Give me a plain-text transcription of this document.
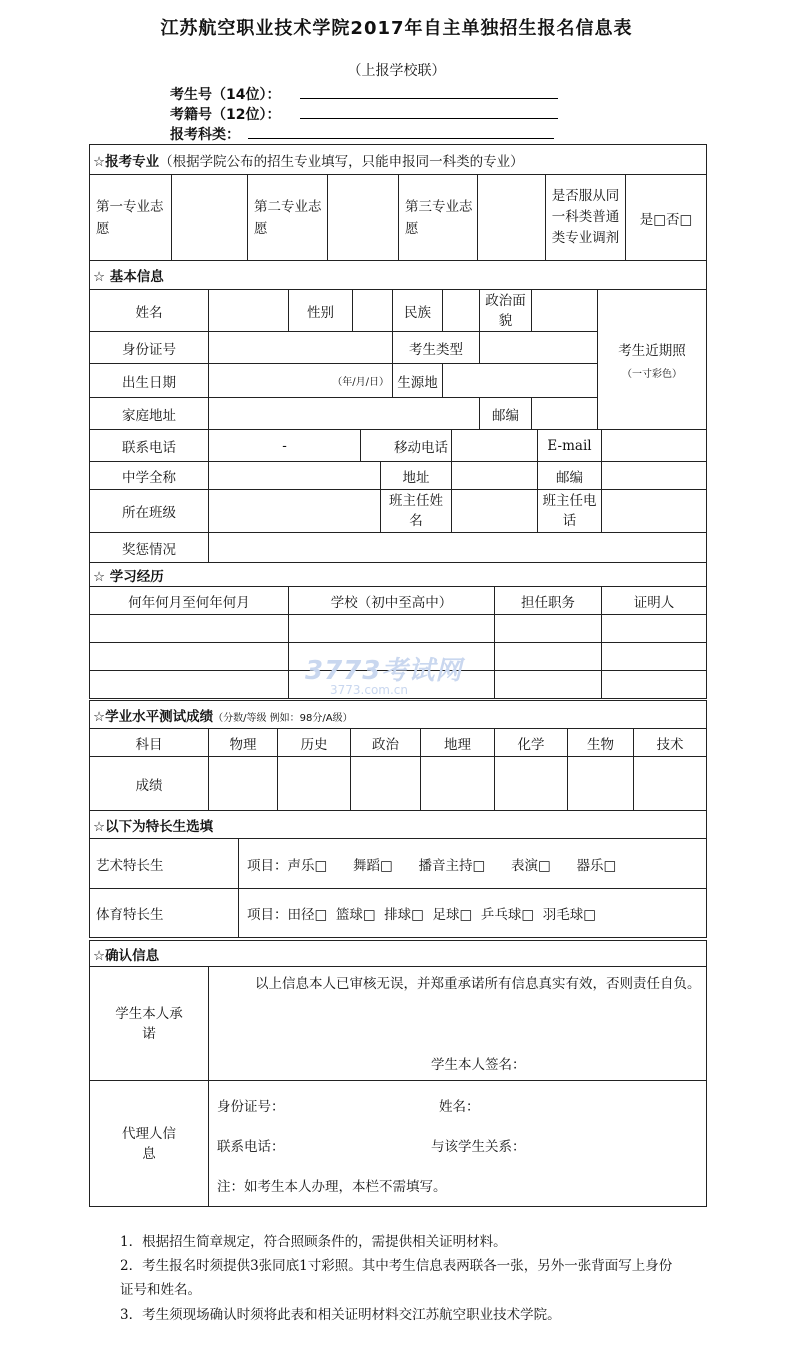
江苏航空职业技术学院2017年自主单独招生报名信息表
（上报学校联）
考生号（14位）：
考籍号（12位）：
报考科类：
☆报考专业（根据学院公布的招生专业填写，只能申报同一科类的专业）
第一专业志愿		第二专业志愿		第三专业志愿		是否服从同一科类普通类专业调剂	是□否□
☆ 基本信息								
姓名		性别		民族		政治面貌		考生近期照
（一寸彩色）

身份证号				考生类型				
出生日期	（年/月/日）			生源地				
家庭地址						邮编		
联系电话	-	移动电话			E-mail	
中学全称			地址		邮编	
所在班级			班主任姓名		班主任电话	
奖惩情况						
☆ 学习经历			
何年何月至何年何月	学校（初中至高中）	担任职务	证明人

☆学业水平测试成绩（分数/等级 例如：98分/A级）							
科目	物理	历史	政治	地理	化学	生物	技术
成绩							
☆以下为特长生选填	
艺术特长生	项目：声乐□      舞蹈□      播音主持□      表演□      器乐□
体育特长生	项目：田径□  篮球□  排球□  足球□  乒乓球□  羽毛球□
☆确认信息	
学生本人承诺	以上信息本人已审核无误，并郑重承诺所有信息真实有效，否则责任自负。
学生本人签名：

代理人信 息	身份证号： 姓名：
联系电话： 与该学生关系：
注：如考生本人办理，本栏不需填写。
1．根据招生简章规定，符合照顾条件的，需提供相关证明材料。
2．考生报名时须提供3张同底1寸彩照。其中考生信息表两联各一张，另外一张背面写上身份证号和姓名。
3．考生须现场确认时须将此表和相关证明材料交江苏航空职业技术学院。
3773考试网
3773.com.cn
